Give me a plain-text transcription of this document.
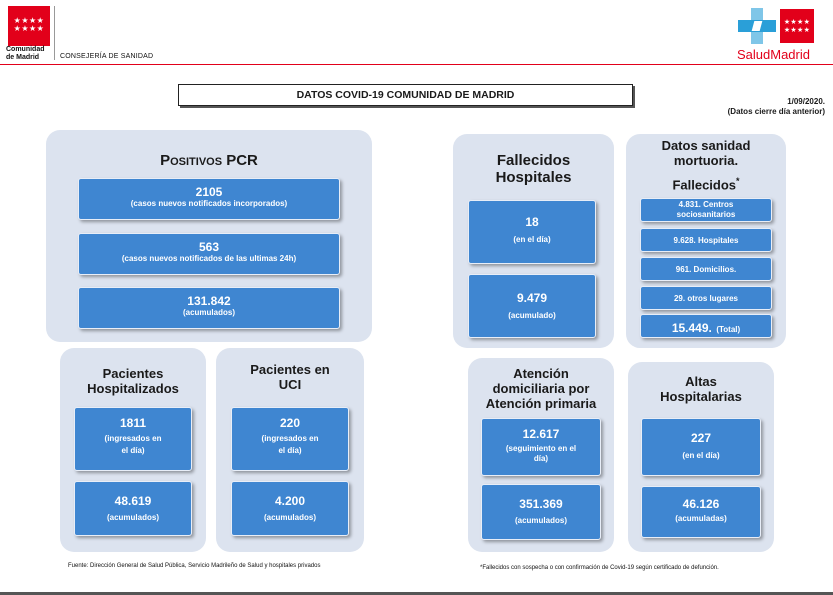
★★★★
★★★★
Comunidad
de Madrid	CONSEJERÍA DE SANIDAD
★★★★
★★★★
SaludMadrid
DATOS COVID-19 COMUNIDAD DE MADRID
1/09/2020.
(Datos cierre día anterior)
Positivos PCR
2105
(casos nuevos notificados incorporados)
563
(casos nuevos notificados de las ultimas 24h)
131.842
(acumulados)
Pacientes
Hospitalizados
1811
(ingresados en
el día)
48.619
(acumulados)
Pacientes en
UCI
220
(ingresados en
el día)
4.200
(acumulados)
Fallecidos
Hospitales
18
(en el día)
9.479
(acumulado)
Datos sanidad
mortuoria.
Fallecidos*
4.831. Centros
sociosanitarios
9.628. Hospitales
961. Domicilios.
29. otros lugares
15.449. (Total)
Atención
domiciliaria por
Atención primaria
12.617
(seguimiento en el
día)
351.369
(acumulados)
Altas
Hospitalarias
227
(en el día)
46.126
(acumuladas)
Fuente: Dirección General de Salud Pública, Servicio Madrileño de Salud y hospitales privados	*Fallecidos con sospecha o con confirmación de Covid-19 según certificado de defunción.
